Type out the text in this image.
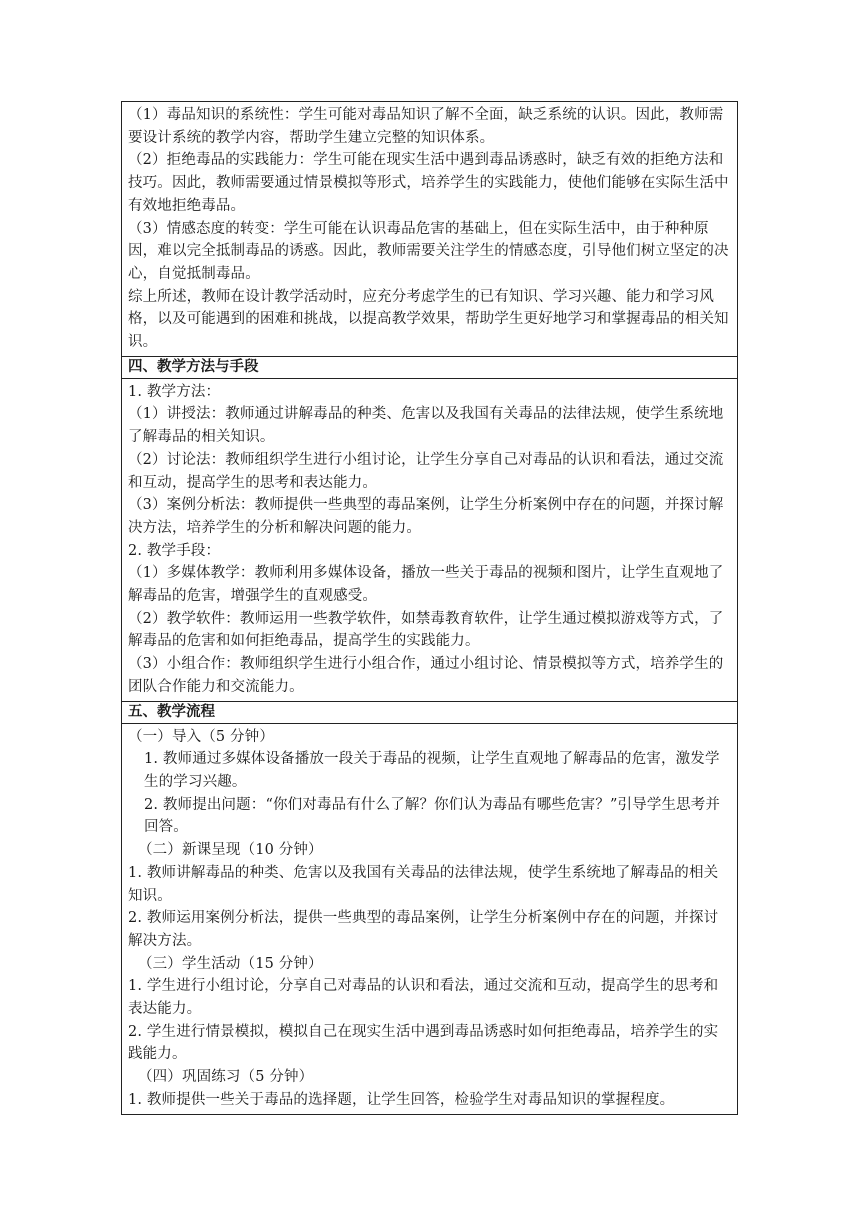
（1）毒品知识的系统性：学生可能对毒品知识了解不全面，缺乏系统的认识。因此，教师需要设计系统的教学内容，帮助学生建立完整的知识体系。

（2）拒绝毒品的实践能力：学生可能在现实生活中遇到毒品诱惑时，缺乏有效的拒绝方法和技巧。因此，教师需要通过情景模拟等形式，培养学生的实践能力，使他们能够在实际生活中有效地拒绝毒品。

（3）情感态度的转变：学生可能在认识毒品危害的基础上，但在实际生活中，由于种种原因，难以完全抵制毒品的诱惑。因此，教师需要关注学生的情感态度，引导他们树立坚定的决心，自觉抵制毒品。

综上所述，教师在设计教学活动时，应充分考虑学生的已有知识、学习兴趣、能力和学习风格，以及可能遇到的困难和挑战，以提高教学效果，帮助学生更好地学习和掌握毒品的相关知识。

四、教学方法与手段

1. 教学方法：

（1）讲授法：教师通过讲解毒品的种类、危害以及我国有关毒品的法律法规，使学生系统地了解毒品的相关知识。

（2）讨论法：教师组织学生进行小组讨论，让学生分享自己对毒品的认识和看法，通过交流和互动，提高学生的思考和表达能力。

（3）案例分析法：教师提供一些典型的毒品案例，让学生分析案例中存在的问题，并探讨解决方法，培养学生的分析和解决问题的能力。

2. 教学手段：

（1）多媒体教学：教师利用多媒体设备，播放一些关于毒品的视频和图片，让学生直观地了解毒品的危害，增强学生的直观感受。

（2）教学软件：教师运用一些教学软件，如禁毒教育软件，让学生通过模拟游戏等方式，了解毒品的危害和如何拒绝毒品，提高学生的实践能力。

（3）小组合作：教师组织学生进行小组合作，通过小组讨论、情景模拟等方式，培养学生的团队合作能力和交流能力。

五、教学流程

（一）导入（5 分钟）

1. 教师通过多媒体设备播放一段关于毒品的视频，让学生直观地了解毒品的危害，激发学生的学习兴趣。

2. 教师提出问题：“你们对毒品有什么了解？你们认为毒品有哪些危害？”引导学生思考并回答。

（二）新课呈现（10 分钟）

1. 教师讲解毒品的种类、危害以及我国有关毒品的法律法规，使学生系统地了解毒品的相关知识。

2. 教师运用案例分析法，提供一些典型的毒品案例，让学生分析案例中存在的问题，并探讨解决方法。

（三）学生活动（15 分钟）

1. 学生进行小组讨论，分享自己对毒品的认识和看法，通过交流和互动，提高学生的思考和表达能力。

2. 学生进行情景模拟，模拟自己在现实生活中遇到毒品诱惑时如何拒绝毒品，培养学生的实践能力。

（四）巩固练习（5 分钟）

1. 教师提供一些关于毒品的选择题，让学生回答，检验学生对毒品知识的掌握程度。
